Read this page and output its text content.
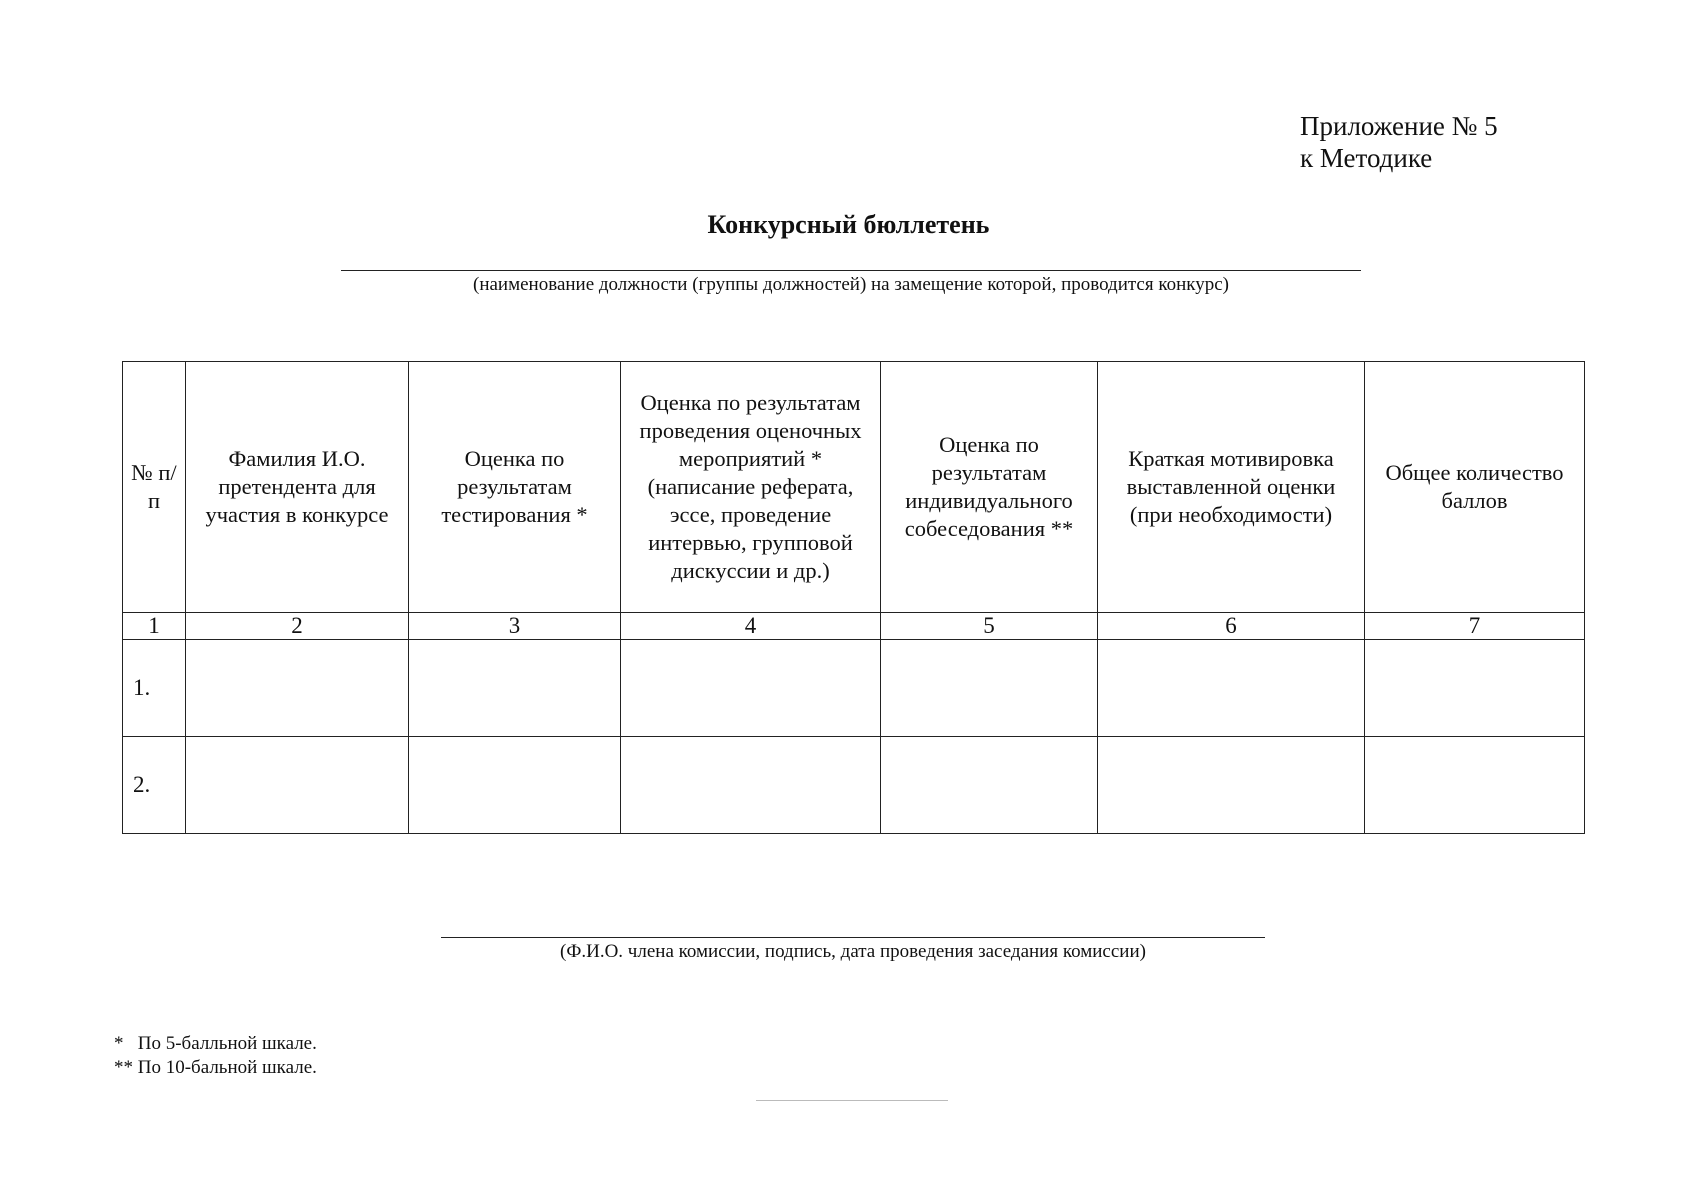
Приложение № 5
к Методике
Конкурсный бюллетень
(наименование должности (группы должностей) на замещение которой, проводится конкурс)
№ п/п	Фамилия И.О. претендента для участия в конкурсе	Оценка по результатам тестирования *	Оценка по результатам проведения оценочных мероприятий * (написание реферата, эссе, проведение интервью, групповой дискуссии и др.)	Оценка по результатам индивидуального собеседования **	Краткая мотивировка выставленной оценки (при необходимости)	Общее количество баллов
1	2	3	4	5	6	7
1.						
2.						
(Ф.И.О. члена комиссии, подпись, дата проведения заседания комиссии)
*   По 5-балльной шкале.
** По 10-бальной шкале.
